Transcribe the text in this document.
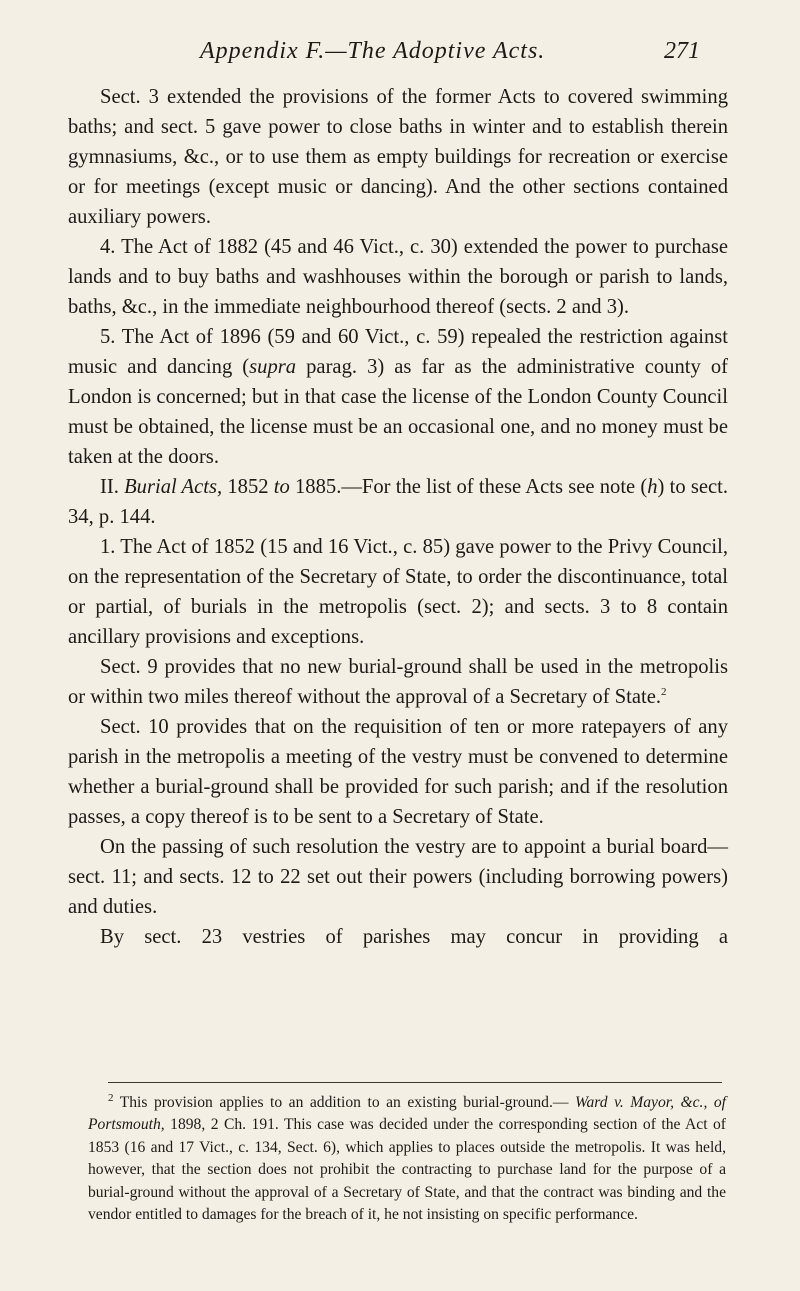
Appendix F.—The Adoptive Acts.	271

Sect. 3 extended the provisions of the former Acts to covered swimming baths; and sect. 5 gave power to close baths in winter and to establish therein gymnasiums, &c., or to use them as empty buildings for recreation or exercise or for meetings (except music or dancing). And the other sections contained auxiliary powers.

4. The Act of 1882 (45 and 46 Vict., c. 30) extended the power to purchase lands and to buy baths and washhouses within the borough or parish to lands, baths, &c., in the immediate neighbourhood thereof (sects. 2 and 3).

5. The Act of 1896 (59 and 60 Vict., c. 59) repealed the restriction against music and dancing (supra parag. 3) as far as the administrative county of London is concerned; but in that case the license of the London County Council must be obtained, the license must be an occasional one, and no money must be taken at the doors.

II. Burial Acts, 1852 to 1885.—For the list of these Acts see note (h) to sect. 34, p. 144.

1. The Act of 1852 (15 and 16 Vict., c. 85) gave power to the Privy Council, on the representation of the Secretary of State, to order the discontinuance, total or partial, of burials in the metropolis (sect. 2); and sects. 3 to 8 contain ancillary provisions and exceptions.

Sect. 9 provides that no new burial-ground shall be used in the metropolis or within two miles thereof without the approval of a Secretary of State.$^2$

Sect. 10 provides that on the requisition of ten or more ratepayers of any parish in the metropolis a meeting of the vestry must be convened to determine whether a burial-ground shall be provided for such parish; and if the resolution passes, a copy thereof is to be sent to a Secretary of State.

On the passing of such resolution the vestry are to appoint a burial board—sect. 11; and sects. 12 to 22 set out their powers (including borrowing powers) and duties.

By sect. 23 vestries of parishes may concur in providing a

$^2$ This provision applies to an addition to an existing burial-ground.— Ward v. Mayor, &c., of Portsmouth, 1898, 2 Ch. 191. This case was decided under the corresponding section of the Act of 1853 (16 and 17 Vict., c. 134, Sect. 6), which applies to places outside the metropolis. It was held, however, that the section does not prohibit the contracting to purchase land for the purpose of a burial-ground without the approval of a Secretary of State, and that the contract was binding and the vendor entitled to damages for the breach of it, he not insisting on specific performance.
